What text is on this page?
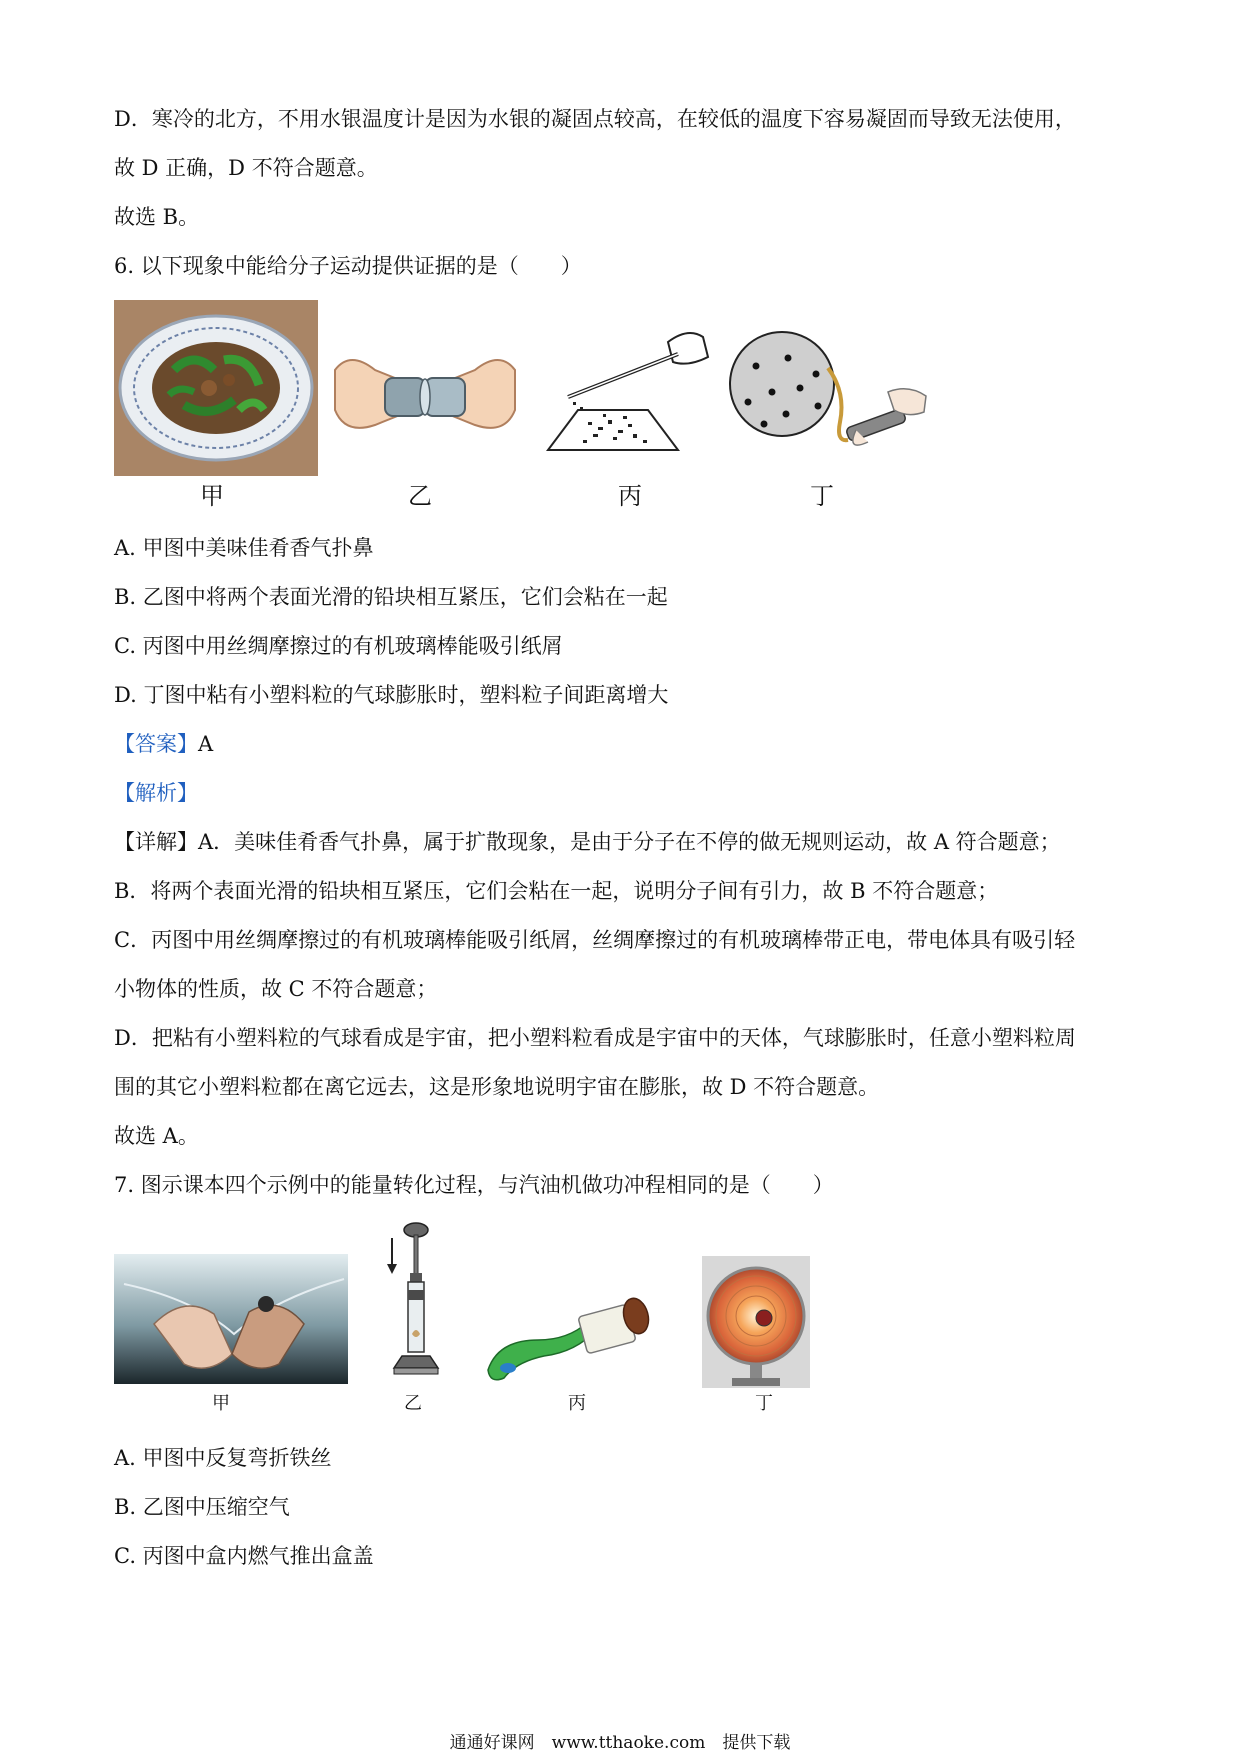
D．寒冷的北方，不用水银温度计是因为水银的凝固点较高，在较低的温度下容易凝固而导致无法使用，
故 D 正确，D 不符合题意。
故选 B。
6. 以下现象中能给分子运动提供证据的是（　　）
甲	乙	丙	丁
A. 甲图中美味佳肴香气扑鼻
B. 乙图中将两个表面光滑的铅块相互紧压，它们会粘在一起
C. 丙图中用丝绸摩擦过的有机玻璃棒能吸引纸屑
D. 丁图中粘有小塑料粒的气球膨胀时，塑料粒子间距离增大
【答案】A
【解析】
【详解】A．美味佳肴香气扑鼻，属于扩散现象，是由于分子在不停的做无规则运动，故 A 符合题意；
B．将两个表面光滑的铅块相互紧压，它们会粘在一起，说明分子间有引力，故 B 不符合题意；
C．丙图中用丝绸摩擦过的有机玻璃棒能吸引纸屑，丝绸摩擦过的有机玻璃棒带正电，带电体具有吸引轻
小物体的性质，故 C 不符合题意；
D．把粘有小塑料粒的气球看成是宇宙，把小塑料粒看成是宇宙中的天体，气球膨胀时，任意小塑料粒周
围的其它小塑料粒都在离它远去，这是形象地说明宇宙在膨胀，故 D 不符合题意。
故选 A。
7. 图示课本四个示例中的能量转化过程，与汽油机做功冲程相同的是（　　）
甲	乙	丙	丁
A. 甲图中反复弯折铁丝
B. 乙图中压缩空气
C. 丙图中盒内燃气推出盒盖
通通好课网　www.tthaoke.com　提供下载
